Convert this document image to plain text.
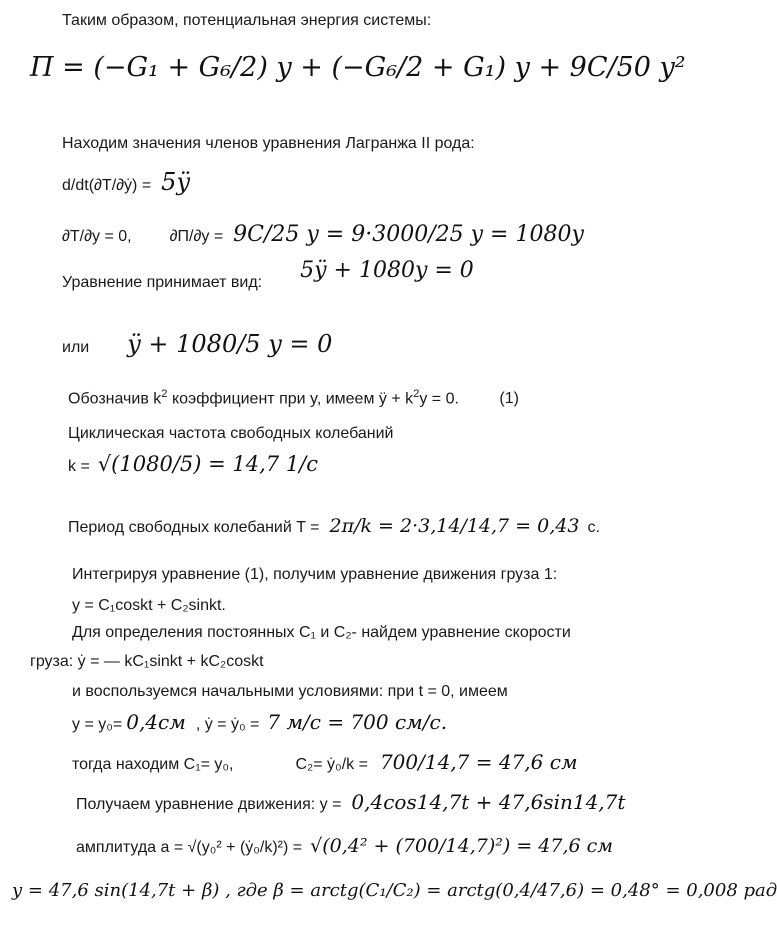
Таким образом, потенциальная энергия системы:
П = (−G₁ + G₆/2) y + (−G₆/2 + G₁) y + 9C/50 y²
Находим значения членов уравнения Лагранжа II рода:
d/dt(∂T/∂ẏ) = 5ÿ
∂T/∂y = 0, ∂П/∂y = 9C/25 y = 9·3000/25 y = 1080y
Уравнение принимает вид: 5ÿ + 1080y = 0
или ÿ + 1080/5 y = 0
Обозначив $k^2$ коэффициент при y, имеем ÿ + $k^2y = 0$.	(1)
Циклическая частота свободных колебаний
k = √(1080/5) = 14,7 1/c
Период свободных колебаний T = 2π/k = 2·3,14/14,7 = 0,43 c.
Интегрируя уравнение (1), получим уравнение движения груза 1:
y = C₁coskt + C₂sinkt.
Для определения постоянных C₁ и C₂- найдем уравнение скорости
груза: ẏ = — kC₁sinkt + kC₂coskt
и воспользуемся начальными условиями: при t = 0, имеем
y = y₀= 0,4см , ẏ = ẏ₀ = 7 м/с = 700 см/с.
тогда находим C₁= y₀,	C₂= ẏ₀/k = 700/14,7 = 47,6 см
Получаем уравнение движения: y = 0,4cos14,7t + 47,6sin14,7t
амплитуда a = √(y₀² + (ẏ₀/k)²) = √(0,4² + (700/14,7)²) = 47,6 см
y = 47,6 sin(14,7t + β) , где β = arctg(C₁/C₂) = arctg(0,4/47,6) = 0,48° = 0,008 рад
